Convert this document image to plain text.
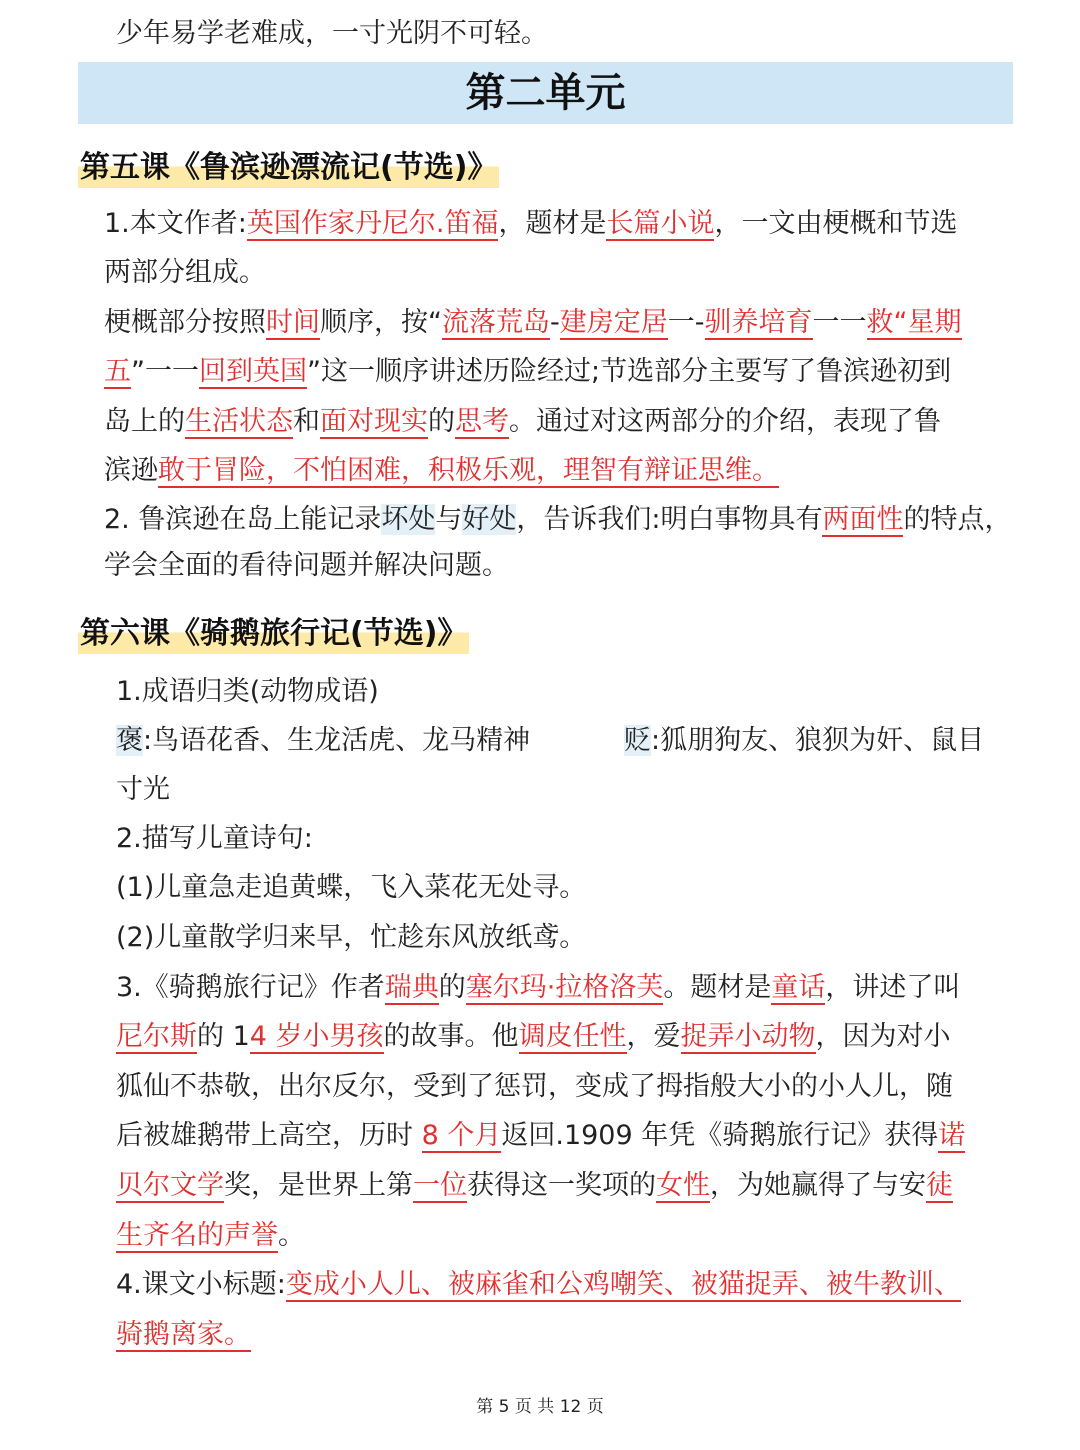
少年易学老难成，一寸光阴不可轻。
第二单元
第五课《鲁滨逊漂流记(节选)》
1.本文作者:英国作家丹尼尔.笛福，题材是长篇小说，一文由梗概和节选
两部分组成。
梗概部分按照时间顺序，按“流落荒岛-建房定居一-驯养培育一一救“星期
五”一一回到英国”这一顺序讲述历险经过;节选部分主要写了鲁滨逊初到
岛上的生活状态和面对现实的思考。通过对这两部分的介绍，表现了鲁
滨逊敢于冒险，不怕困难，积极乐观，理智有辩证思维。
2. 鲁滨逊在岛上能记录坏处与好处，告诉我们:明白事物具有两面性的特点，
学会全面的看待问题并解决问题。
第六课《骑鹅旅行记(节选)》
1.成语归类(动物成语)
褒:鸟语花香、生龙活虎、龙马精神	贬:狐朋狗友、狼狈为奸、鼠目
寸光
2.描写儿童诗句:
(1)儿童急走追黄蝶，飞入菜花无处寻。
(2)儿童散学归来早，忙趁东风放纸鸢。
3.《骑鹅旅行记》作者瑞典的塞尔玛·拉格洛芙。题材是童话，讲述了叫
尼尔斯的 14 岁小男孩的故事。他调皮任性，爱捉弄小动物，因为对小
狐仙不恭敬，出尔反尔，受到了惩罚，变成了拇指般大小的小人儿，随
后被雄鹅带上高空，历时 8 个月返回.1909 年凭《骑鹅旅行记》获得诺
贝尔文学奖，是世界上第一位获得这一奖项的女性，为她赢得了与安徒
生齐名的声誉。
4.课文小标题:变成小人儿、被麻雀和公鸡嘲笑、被猫捉弄、被牛教训、
骑鹅离家。
第 5 页 共 12 页
